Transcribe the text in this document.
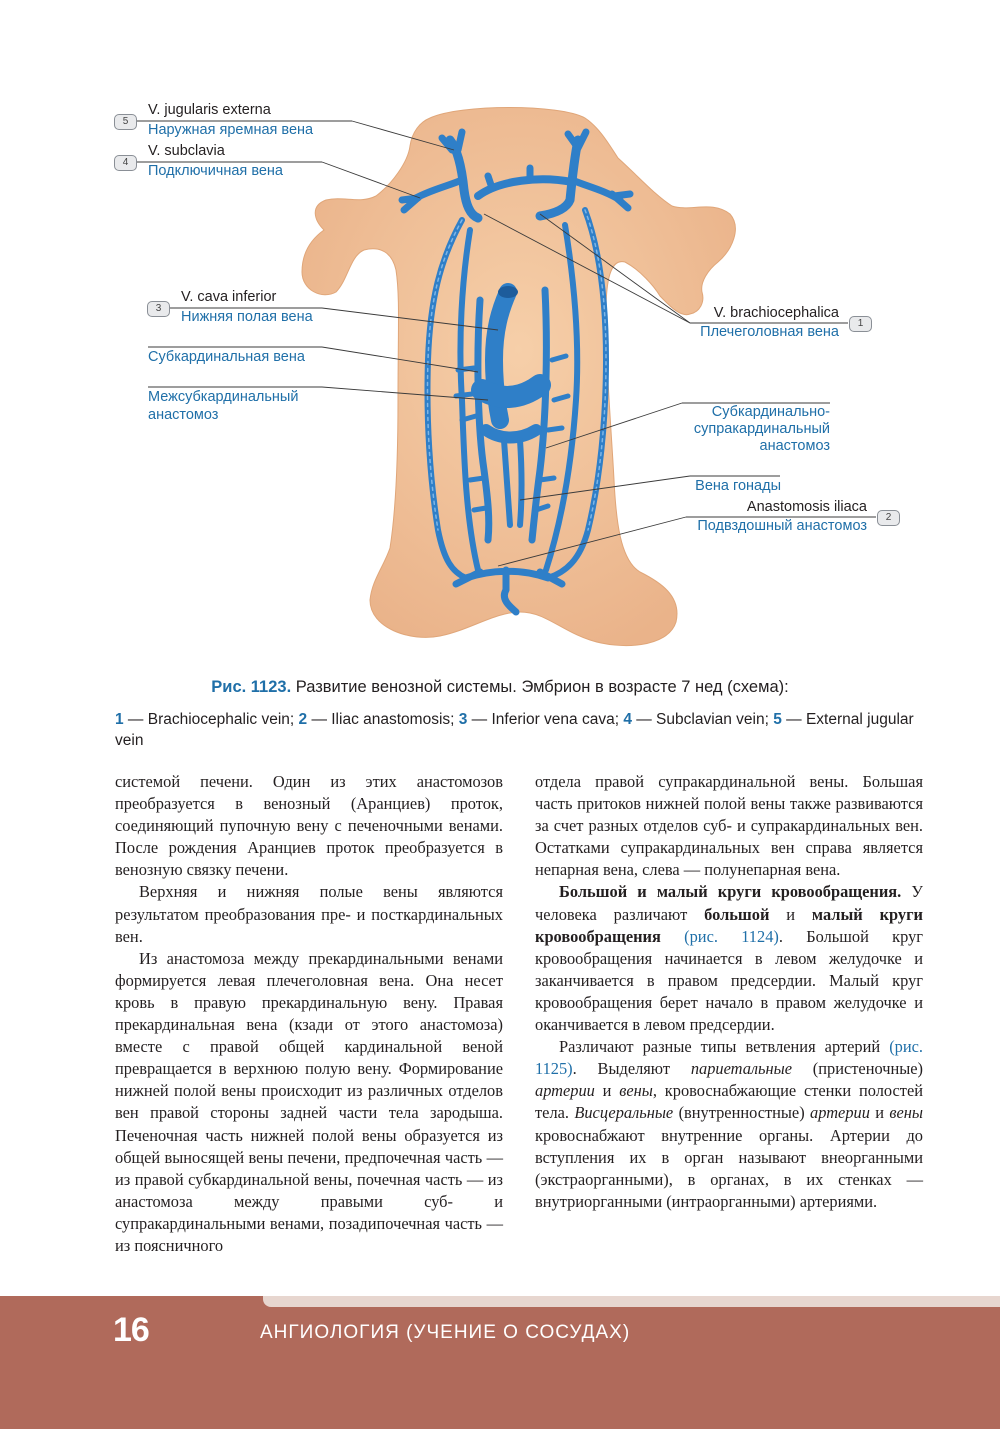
5
4
3
1
2
V. jugularis externa
Наружная яремная вена
V. subclavia
Подключичная вена
V. cava inferior
Нижняя полая вена
Субкардинальная вена
Межсубкардинальный
анастомоз
V. brachiocephalica
Плечеголовная вена
Субкардинально-
супракардинальный
анастомоз
Вена гонады
Anastomosis iliaca
Подвздошный анастомоз
Рис. 1123. Развитие венозной системы. Эмбрион в возрасте 7 нед (схема):
1 — Brachiocephalic vein; 2 — Iliac anastomosis; 3 — Inferior vena cava; 4 — Subclavian vein; 5 — External jugular vein

системой печени. Один из этих анастомозов преобразуется в венозный (Аранциев) проток, соединяющий пупочную вену с печеночными венами. После рождения Аранциев проток преобразуется в венозную связку печени.

Верхняя и нижняя полые вены являются результатом преобразования пре- и посткардинальных вен.

Из анастомоза между прекардинальными венами формируется левая плечеголовная вена. Она несет кровь в правую прекардинальную вену. Правая прекардинальная вена (кзади от этого анастомоза) вместе с правой общей кардинальной веной превращается в верхнюю полую вену. Формирование нижней полой вены происходит из различных отделов вен правой стороны задней части тела зародыша. Печеночная часть нижней полой вены образуется из общей выносящей вены печени, предпочечная часть — из правой субкардинальной вены, почечная часть — из анастомоза между правыми суб- и супракардинальными венами, позадипочечная часть — из поясничного

отдела правой супракардинальной вены. Большая часть притоков нижней полой вены также развиваются за счет разных отделов суб- и супракардинальных вен. Остатками супракардинальных вен справа является непарная вена, слева — полунепарная вена.

Большой и малый круги кровообращения. У человека различают большой и малый круги кровообращения (рис. 1124). Большой круг кровообращения начинается в левом желудочке и заканчивается в правом предсердии. Малый круг кровообращения берет начало в правом желудочке и оканчивается в левом предсердии.

Различают разные типы ветвления артерий (рис. 1125). Выделяют париетальные (пристеночные) артерии и вены, кровоснабжающие стенки полостей тела. Висцеральные (внутренностные) артерии и вены кровоснабжают внутренние органы. Артерии до вступления их в орган называют внеорганными (экстраорганными), в органах, в их стенках — внутриорганными (интраорганными) артериями.

16	АНГИОЛОГИЯ (УЧЕНИЕ О СОСУДАХ)
